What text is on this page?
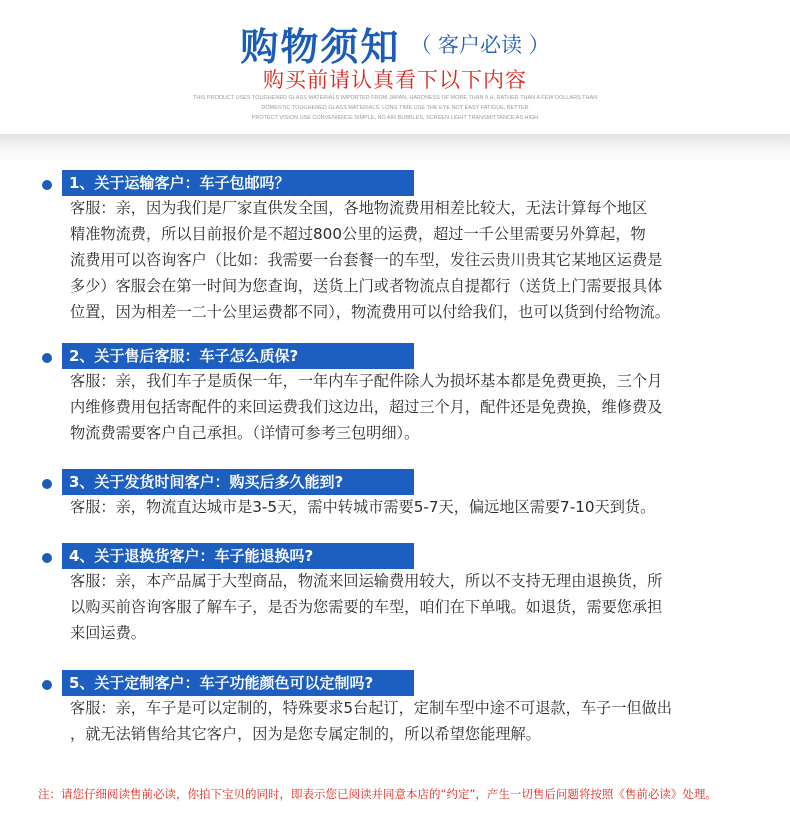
购物须知 （ 客户必读 ）
购买前请认真看下以下内容
THIS PRODUCT USES TOUGHENED GLASS MATERIALS IMPORTED FROM JAPAN, HARDNESS OF MORE THAN 9 H, RATHER THAN A FEW DOLLARS THAN
DOMESTIC TOUGHENED GLASS MATERIALS. LONG TIME USE THE EYE NOT EASY FATIGUE, BETTER
PROTECT VISION USE CONVENIENCE SIMPLE, NO AIR BUBBLES, SCREEN LIGHT TRANSMITTANCE AS HIGH
1、关于运输客户：车子包邮吗？
客服：亲，因为我们是厂家直供发全国，各地物流费用相差比较大，无法计算每个地区
精准物流费，所以目前报价是不超过800公里的运费，超过一千公里需要另外算起，物
流费用可以咨询客户（比如：我需要一台套餐一的车型，发往云贵川贵其它某地区运费是
多少）客服会在第一时间为您查询，送货上门或者物流点自提都行（送货上门需要报具体
位置，因为相差一二十公里运费都不同），物流费用可以付给我们，也可以货到付给物流。
2、关于售后客服：车子怎么质保?
客服：亲，我们车子是质保一年，一年内车子配件除人为损坏基本都是免费更换，三个月
内维修费用包括寄配件的来回运费我们这边出，超过三个月，配件还是免费换，维修费及
物流费需要客户自己承担。（详情可参考三包明细）。
3、关于发货时间客户：购买后多久能到?
客服：亲，物流直达城市是3-5天，需中转城市需要5-7天，偏远地区需要7-10天到货。
4、关于退换货客户：车子能退换吗?
客服：亲，本产品属于大型商品，物流来回运输费用较大，所以不支持无理由退换货，所
以购买前咨询客服了解车子，是否为您需要的车型，咱们在下单哦。如退货，需要您承担
来回运费。
5、关于定制客户：车子功能颜色可以定制吗?
客服：亲，车子是可以定制的，特殊要求5台起订，定制车型中途不可退款，车子一但做出
，就无法销售给其它客户，因为是您专属定制的，所以希望您能理解。
注：请您仔细阅读售前必读，你拍下宝贝的同时，即表示您已阅读并同意本店的“约定”，产生一切售后问题将按照《售前必读》处理。
